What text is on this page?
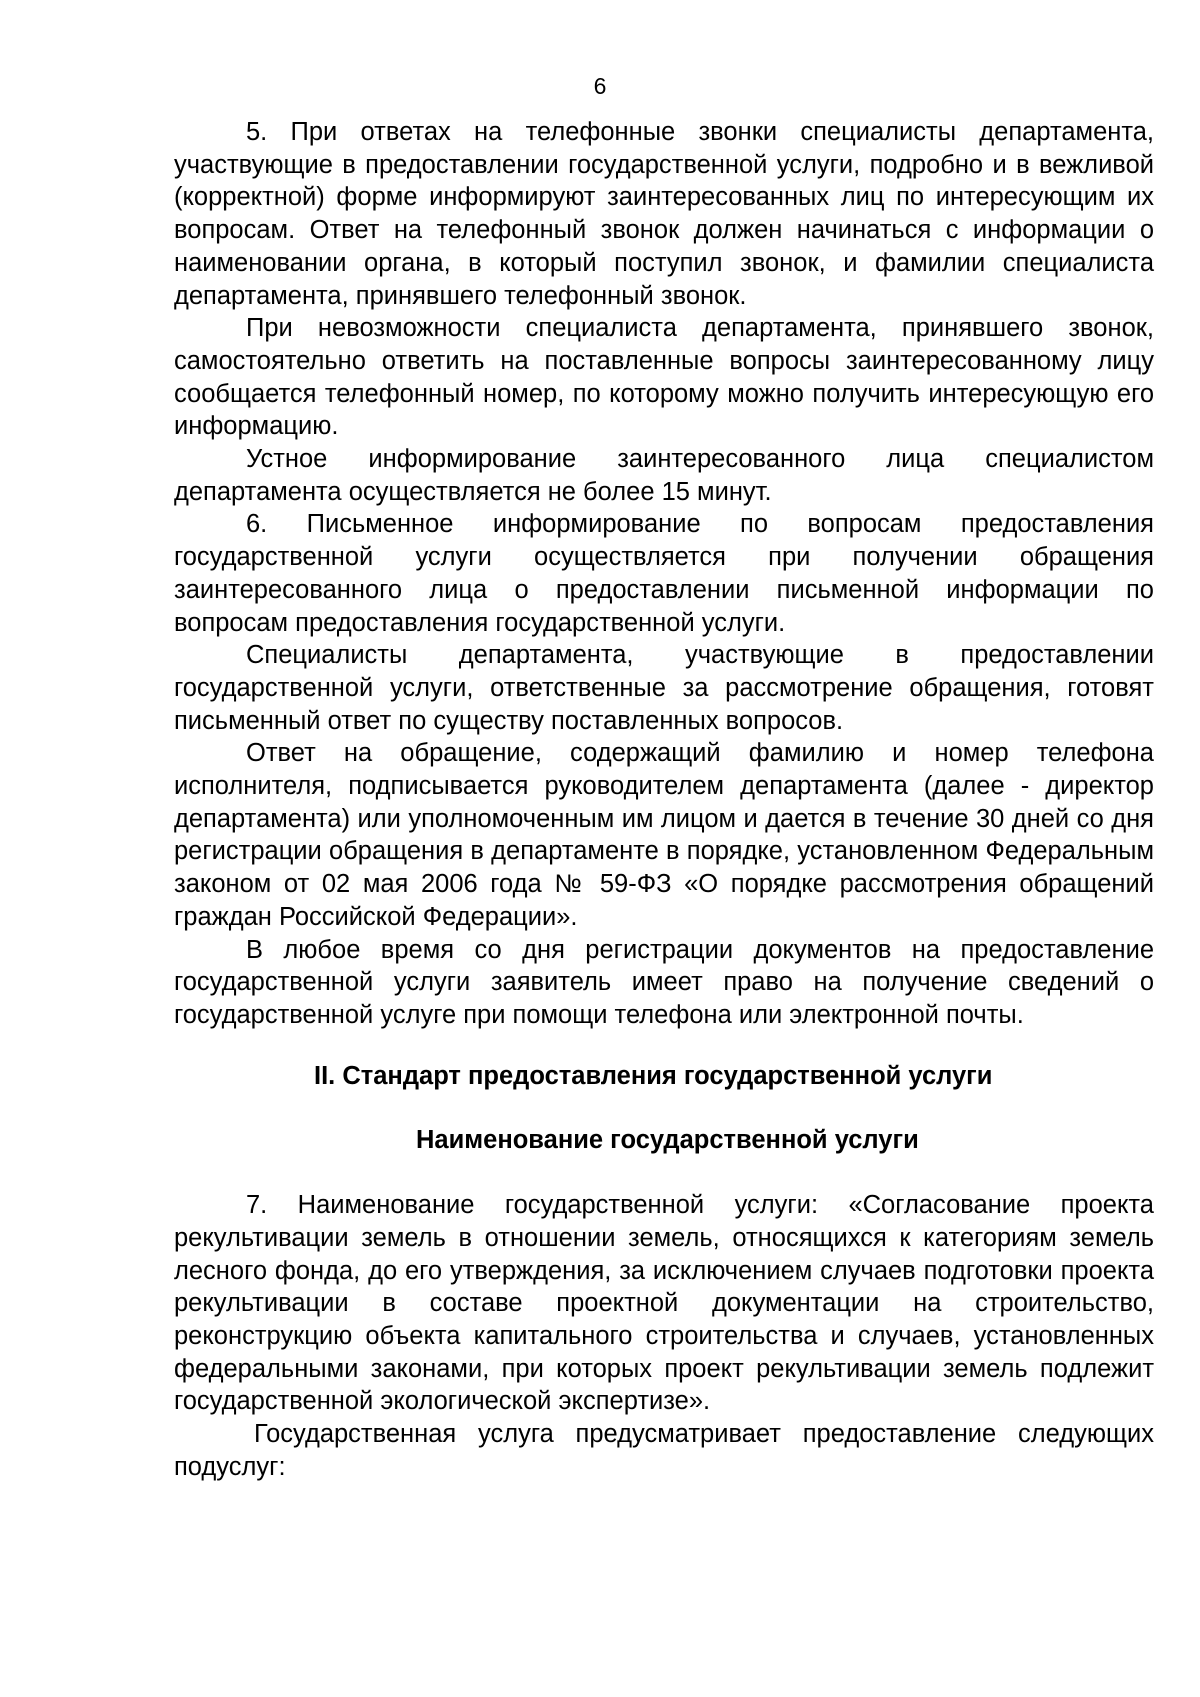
6

5. При ответах на телефонные звонки специалисты департамента, участвующие в предоставлении государственной услуги, подробно и в вежливой (корректной) форме информируют заинтересованных лиц по интересующим их вопросам. Ответ на телефонный звонок должен начинаться с информации о наименовании органа, в который поступил звонок, и фамилии специалиста департамента, принявшего телефонный звонок.

При невозможности специалиста департамента, принявшего звонок, самостоятельно ответить на поставленные вопросы заинтересованному лицу сообщается телефонный номер, по которому можно получить интересующую его информацию.

Устное информирование заинтересованного лица специалистом департамента осуществляется не более 15 минут.

6. Письменное информирование по вопросам предоставления государственной услуги осуществляется при получении обращения заинтересованного лица о предоставлении письменной информации по вопросам предоставления государственной услуги.

Специалисты департамента, участвующие в предоставлении государственной услуги, ответственные за рассмотрение обращения, готовят письменный ответ по существу поставленных вопросов.

Ответ на обращение, содержащий фамилию и номер телефона исполнителя, подписывается руководителем департамента (далее - директор департамента) или уполномоченным им лицом и дается в течение 30 дней со дня регистрации обращения в департаменте в порядке, установленном Федеральным законом от 02 мая 2006 года № 59-ФЗ «О порядке рассмотрения обращений граждан Российской Федерации».

В любое время со дня регистрации документов на предоставление государственной услуги заявитель имеет право на получение сведений о государственной услуге при помощи телефона или электронной почты.

II. Стандарт предоставления государственной услуги
Наименование государственной услуги

7. Наименование государственной услуги: «Согласование проекта рекультивации земель в отношении земель, относящихся к категориям земель лесного фонда, до его утверждения, за исключением случаев подготовки проекта рекультивации в составе проектной документации на строительство, реконструкцию объекта капитального строительства и случаев, установленных федеральными законами, при которых проект рекультивации земель подлежит государственной экологической экспертизе».

Государственная услуга предусматривает предоставление следующих подуслуг:
